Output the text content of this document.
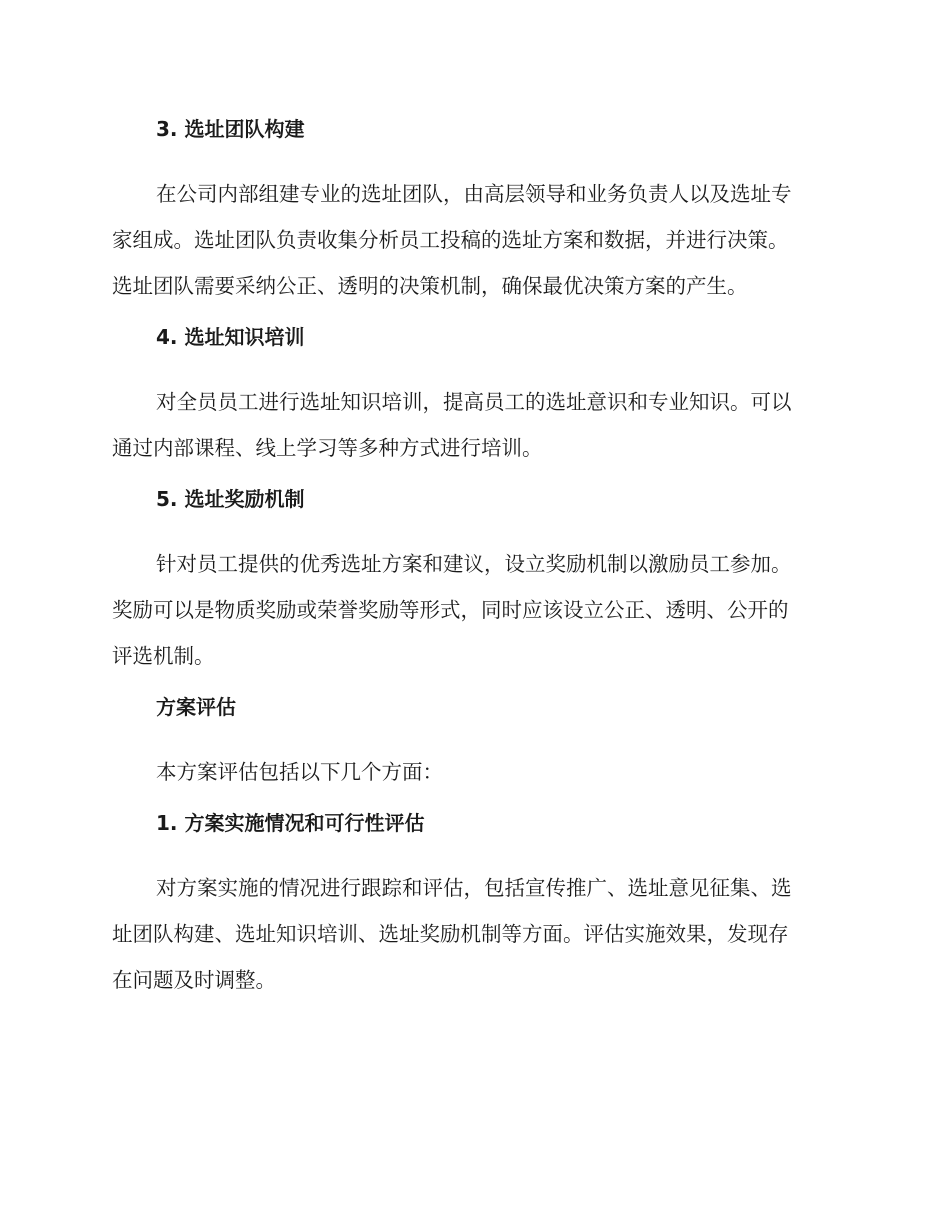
3. 选址团队构建
在公司内部组建专业的选址团队，由高层领导和业务负责人以及选址专
家组成。选址团队负责收集分析员工投稿的选址方案和数据，并进行决策。
选址团队需要采纳公正、透明的决策机制，确保最优决策方案的产生。
4. 选址知识培训
对全员员工进行选址知识培训，提高员工的选址意识和专业知识。可以
通过内部课程、线上学习等多种方式进行培训。
5. 选址奖励机制
针对员工提供的优秀选址方案和建议，设立奖励机制以激励员工参加。
奖励可以是物质奖励或荣誉奖励等形式，同时应该设立公正、透明、公开的
评选机制。
方案评估
本方案评估包括以下几个方面：
1. 方案实施情况和可行性评估
对方案实施的情况进行跟踪和评估，包括宣传推广、选址意见征集、选
址团队构建、选址知识培训、选址奖励机制等方面。评估实施效果，发现存
在问题及时调整。
